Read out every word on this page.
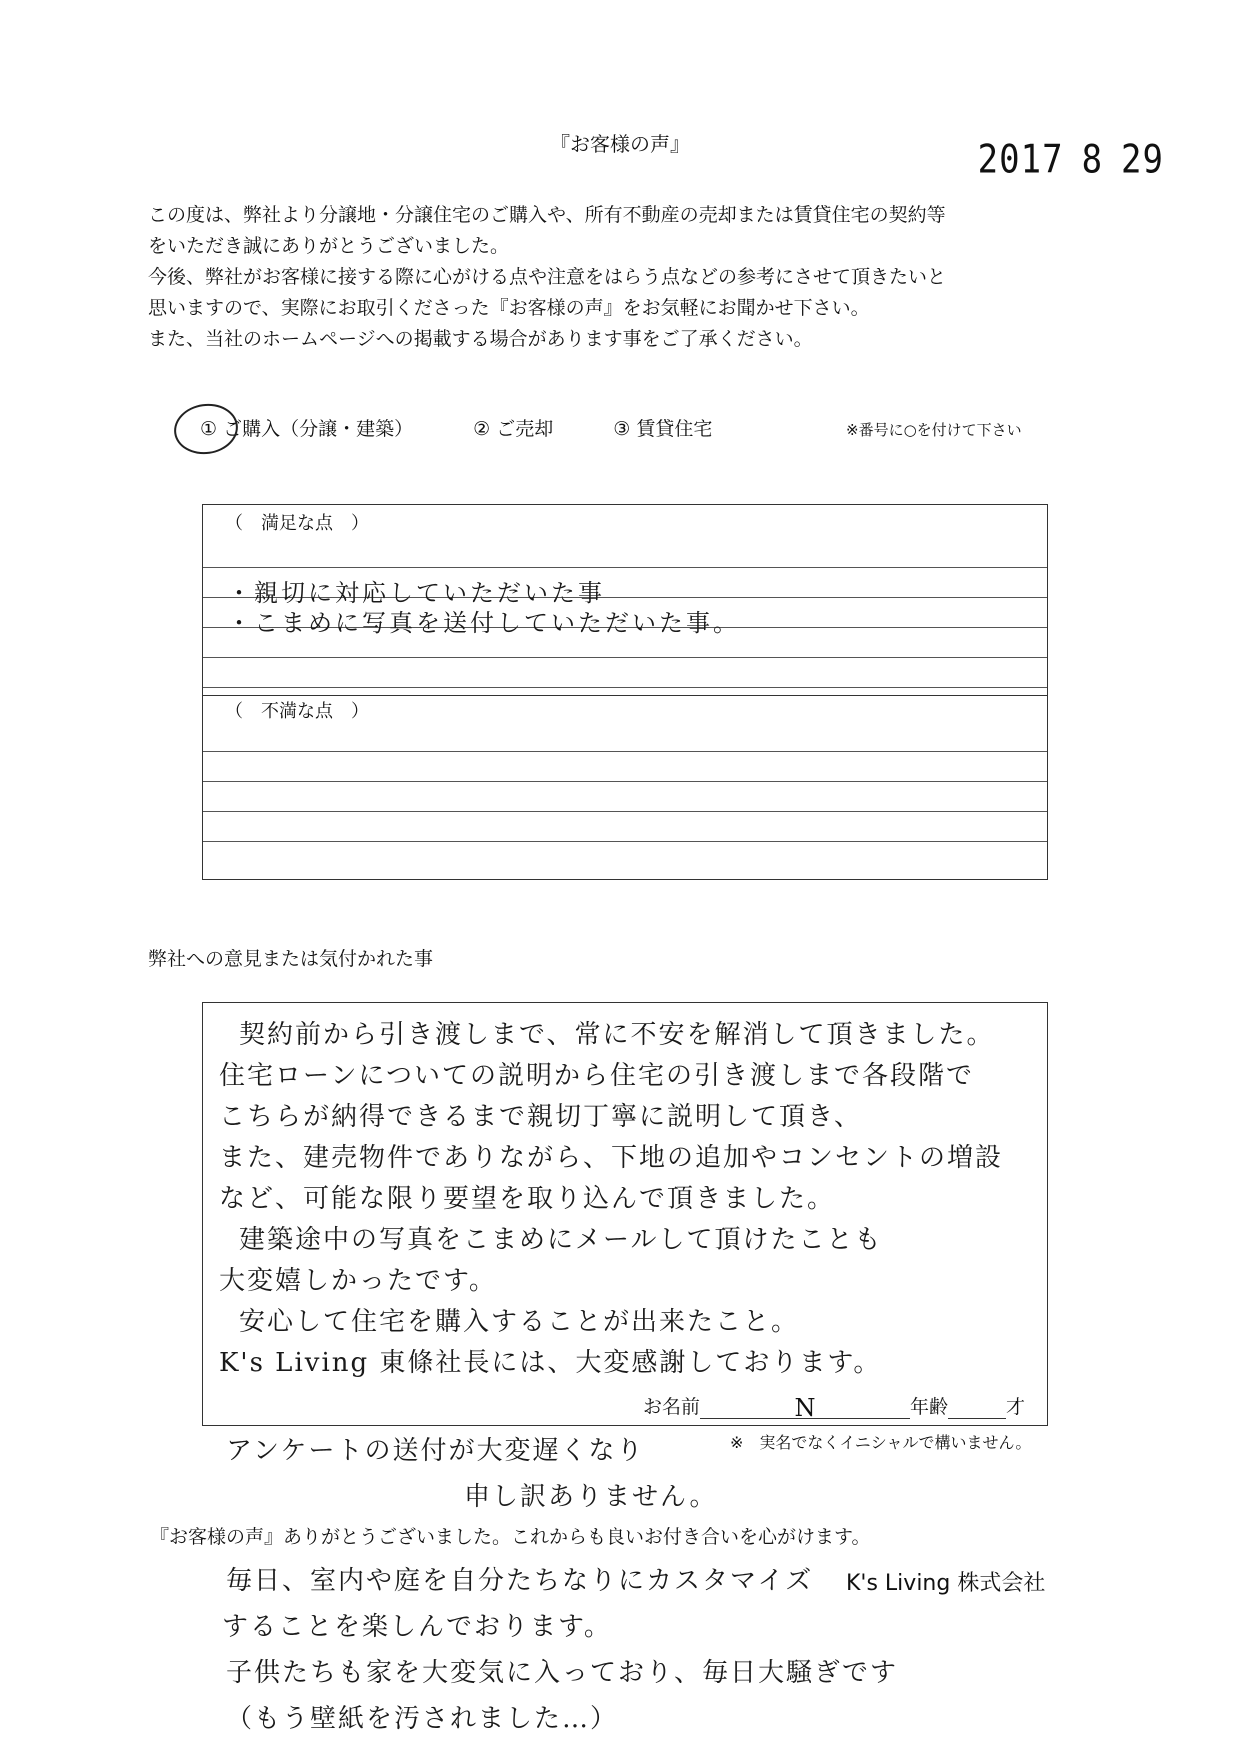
『お客様の声』	2017 8 29

この度は、弊社より分譲地・分譲住宅のご購入や、所有不動産の売却または賃貸住宅の契約等

をいただき誠にありがとうございました。

今後、弊社がお客様に接する際に心がける点や注意をはらう点などの参考にさせて頂きたいと

思いますので、実際にお取引くださった『お客様の声』をお気軽にお聞かせ下さい。

また、当社のホームページへの掲載する場合があります事をご了承ください。

① ご購入（分譲・建築）	② ご売却	③ 賃貸住宅	※番号に○を付けて下さい
（　満足な点　）
・親切に対応していただいた事
・こまめに写真を送付していただいた事。
（　不満な点　）
弊社への意見または気付かれた事
契約前から引き渡しまで、常に不安を解消して頂きました。
住宅ローンについての説明から住宅の引き渡しまで各段階で
こちらが納得できるまで親切丁寧に説明して頂き、
また、建売物件でありながら、下地の追加やコンセントの増設
など、可能な限り要望を取り込んで頂きました。
建築途中の写真をこまめにメールして頂けたことも
大変嬉しかったです。
安心して住宅を購入することが出来たこと。
K's Living 東條社長には、大変感謝しております。
お名前	N	年齢	才
アンケートの送付が大変遅くなり
申し訳ありません。
※　実名でなくイニシャルで構いません。
『お客様の声』ありがとうございました。これからも良いお付き合いを心がけます。
毎日、室内や庭を自分たちなりにカスタマイズ
することを楽しんでおります。
子供たちも家を大変気に入っており、毎日大騒ぎです
（もう壁紙を汚されました…）
K's Living 株式会社
